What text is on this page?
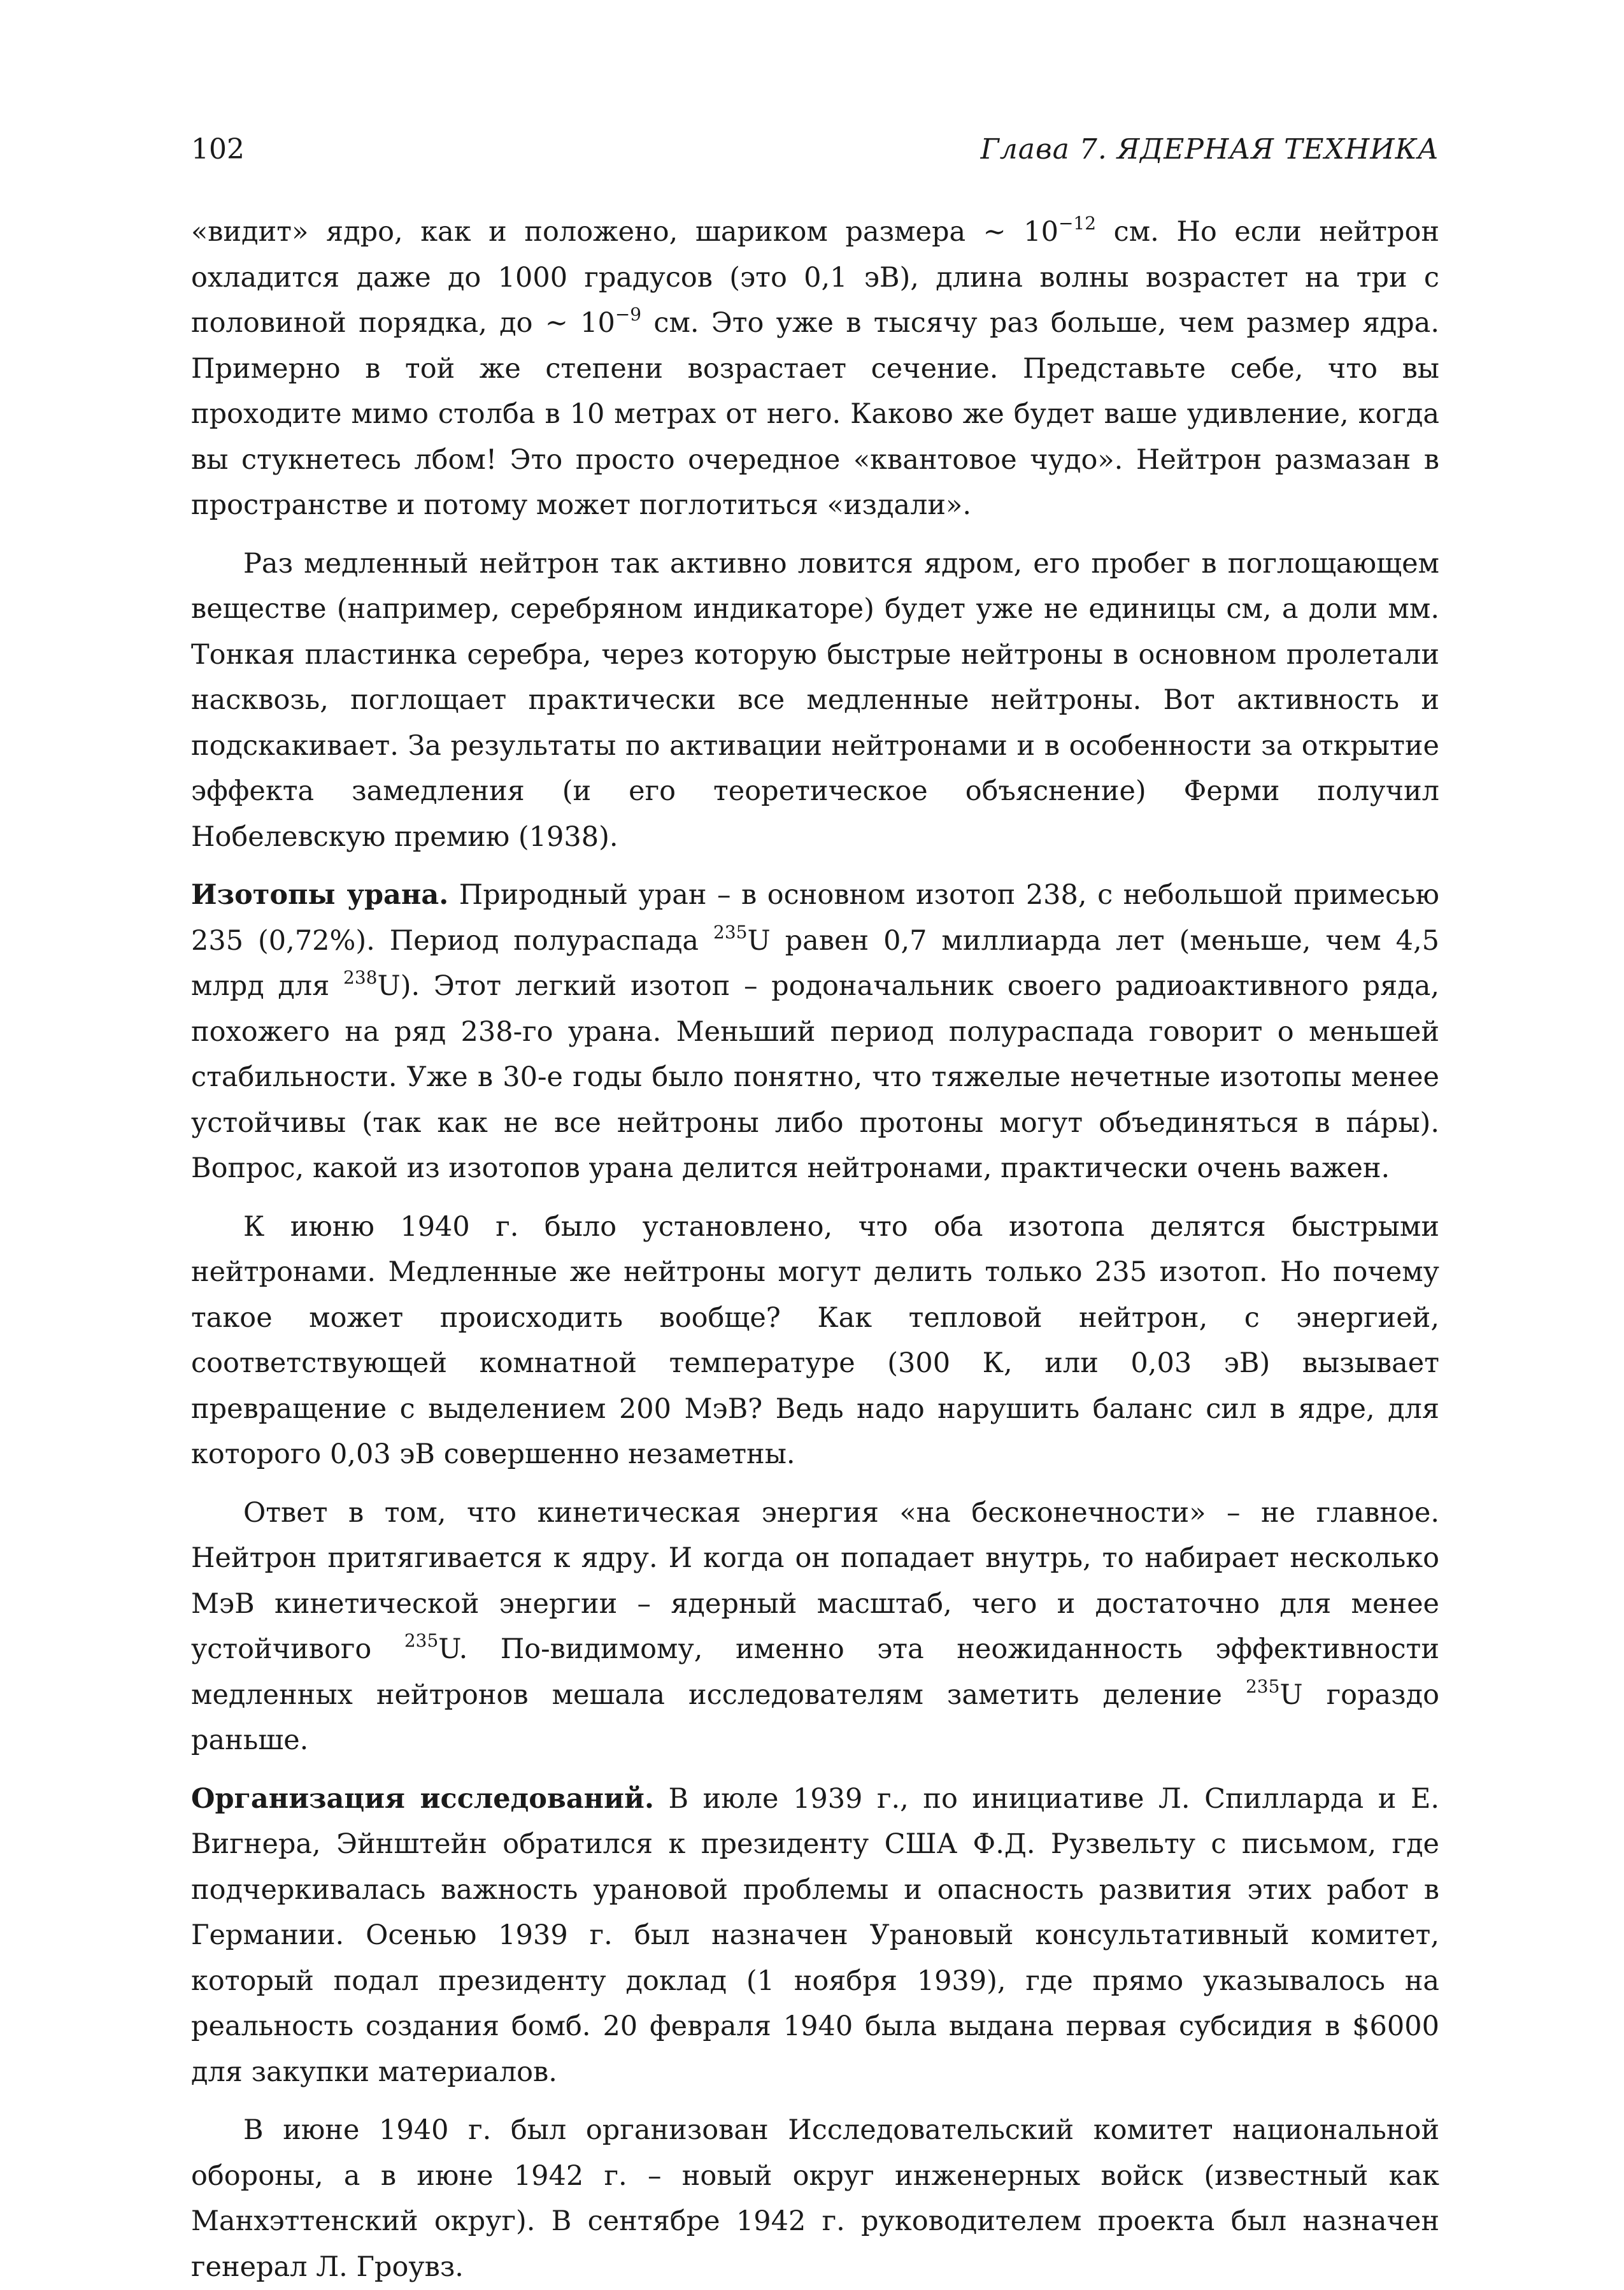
102	Глава 7. ЯДЕРНАЯ ТЕХНИКА

«видит» ядро, как и положено, шариком размера ∼ $10^{-12}$ см. Но если нейтрон охладится даже до 1000 градусов (это 0,1 эВ), длина волны возрастет на три с половиной порядка, до ∼ $10^{-9}$ см. Это уже в тысячу раз больше, чем размер ядра. Примерно в той же степени возрастает сечение. Представьте себе, что вы проходите мимо столба в 10 метрах от него. Каково же будет ваше удивление, когда вы стукнетесь лбом! Это просто очередное «квантовое чудо». Нейтрон размазан в пространстве и потому может поглотиться «издали».

Раз медленный нейтрон так активно ловится ядром, его пробег в поглощающем веществе (например, серебряном индикаторе) будет уже не единицы см, а доли мм. Тонкая пластинка серебра, через которую быстрые нейтроны в основном пролетали насквозь, поглощает практически все медленные нейтроны. Вот активность и подскакивает. За результаты по активации нейтронами и в особенности за открытие эффекта замедления (и его теоретическое объяснение) Ферми получил Нобелевскую премию (1938).

Изотопы урана. Природный уран – в основном изотоп 238, с небольшой примесью 235 (0,72%). Период полураспада $^{235}$U равен 0,7 миллиарда лет (меньше, чем 4,5 млрд для $^{238}$U). Этот легкий изотоп – родоначальник своего радиоактивного ряда, похожего на ряд 238-го урана. Меньший период полураспада говорит о меньшей стабильности. Уже в 30-е годы было понятно, что тяжелые нечетные изотопы менее устойчивы (так как не все нейтроны либо протоны могут объединяться в пáры). Вопрос, какой из изотопов урана делится нейтронами, практически очень важен.

К июню 1940 г. было установлено, что оба изотопа делятся быстрыми нейтронами. Медленные же нейтроны могут делить только 235 изотоп. Но почему такое может происходить вообще? Как тепловой нейтрон, с энергией, соответствующей комнатной температуре (300 К, или 0,03 эВ) вызывает превращение с выделением 200 МэВ? Ведь надо нарушить баланс сил в ядре, для которого 0,03 эВ совершенно незаметны.

Ответ в том, что кинетическая энергия «на бесконечности» – не главное. Нейтрон притягивается к ядру. И когда он попадает внутрь, то набирает несколько МэВ кинетической энергии – ядерный масштаб, чего и достаточно для менее устойчивого $^{235}$U. По-видимому, именно эта неожиданность эффективности медленных нейтронов мешала исследователям заметить деление $^{235}$U гораздо раньше.

Организация исследований. В июле 1939 г., по инициативе Л. Спилларда и Е. Вигнера, Эйнштейн обратился к президенту США Ф.Д. Рузвельту с письмом, где подчеркивалась важность урановой проблемы и опасность развития этих работ в Германии. Осенью 1939 г. был назначен Урановый консультативный комитет, который подал президенту доклад (1 ноября 1939), где прямо указывалось на реальность создания бомб. 20 февраля 1940 была выдана первая субсидия в $6000 для закупки материалов.

В июне 1940 г. был организован Исследовательский комитет национальной обороны, а в июне 1942 г. – новый округ инженерных войск (известный как Манхэттенский округ). В сентябре 1942 г. руководителем проекта был назначен генерал Л. Гроувз.
